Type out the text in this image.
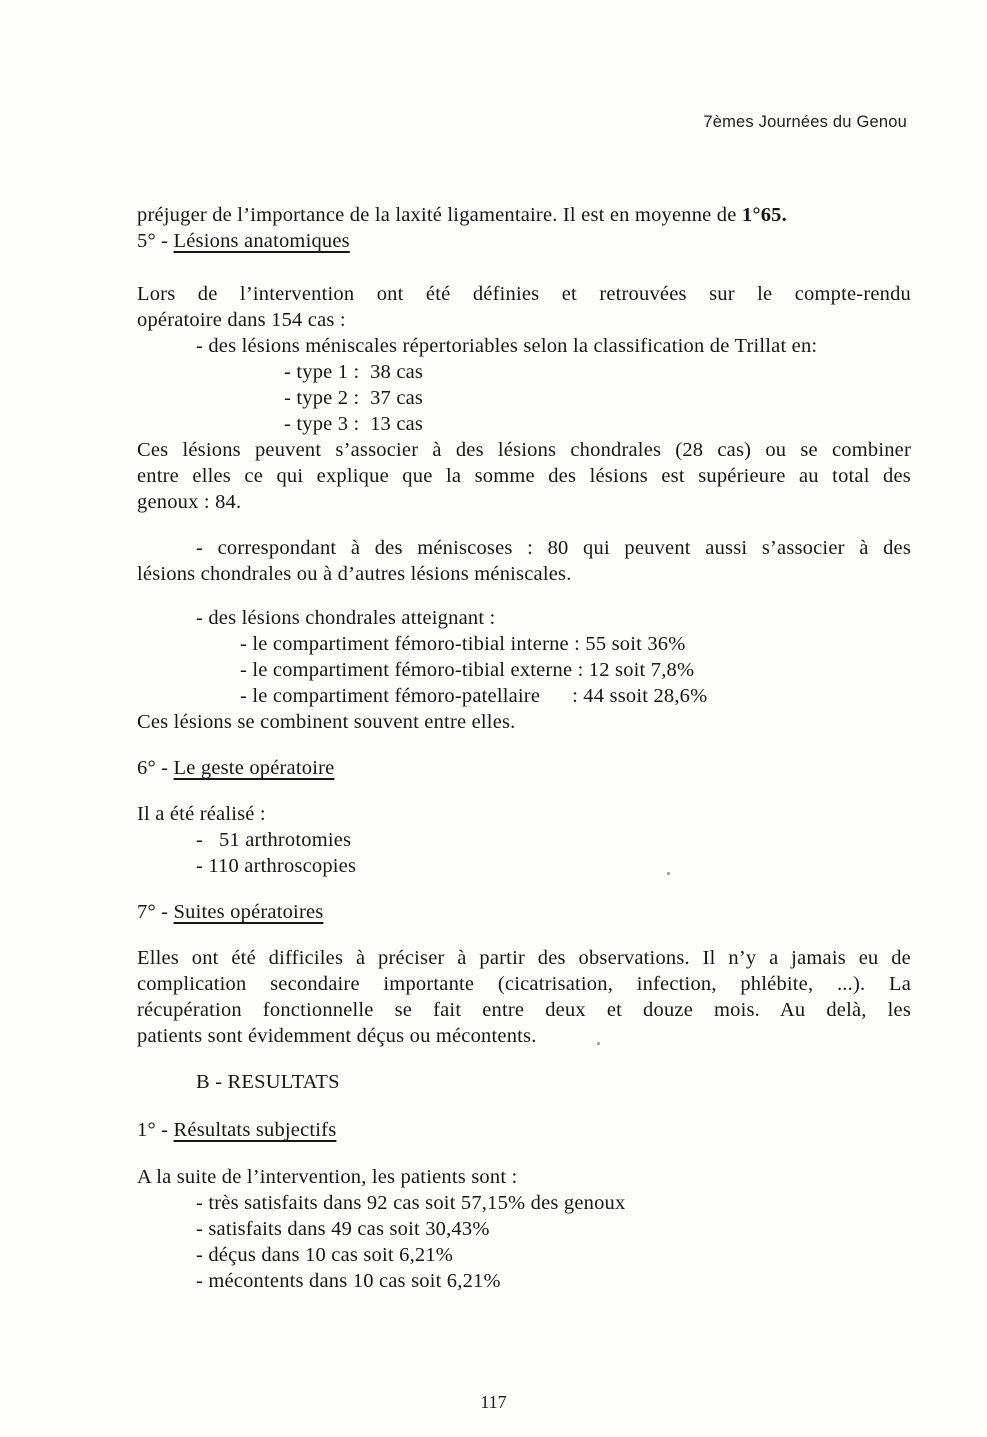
7èmes Journées du Genou
préjuger de l’importance de la laxité ligamentaire. Il est en moyenne de 1°65.
5° - Lésions anatomiques
Lors de l’intervention ont été définies et retrouvées sur le compte-rendu
opératoire dans 154 cas :
- des lésions méniscales répertoriables selon la classification de Trillat en:
- type 1 :  38 cas
- type 2 :  37 cas
- type 3 :  13 cas
Ces lésions peuvent s’associer à des lésions chondrales (28 cas) ou se combiner
entre elles ce qui explique que la somme des lésions est supérieure au total des
genoux : 84.
- correspondant à des méniscoses : 80 qui peuvent aussi s’associer à des
lésions chondrales ou à d’autres lésions méniscales.
- des lésions chondrales atteignant :
- le compartiment fémoro-tibial interne : 55 soit 36%
- le compartiment fémoro-tibial externe : 12 soit 7,8%
- le compartiment fémoro-patellaire      : 44 ssoit 28,6%
Ces lésions se combinent souvent entre elles.
6° - Le geste opératoire
Il a été réalisé :
-   51 arthrotomies
- 110 arthroscopies
7° - Suites opératoires
Elles ont été difficiles à préciser à partir des observations. Il n’y a jamais eu de
complication secondaire importante (cicatrisation, infection, phlébite, ...). La
récupération fonctionnelle se fait entre deux et douze mois. Au delà, les
patients sont évidemment déçus ou mécontents.
B - RESULTATS
1° - Résultats subjectifs
A la suite de l’intervention, les patients sont :
- très satisfaits dans 92 cas soit 57,15% des genoux
- satisfaits dans 49 cas soit 30,43%
- déçus dans 10 cas soit 6,21%
- mécontents dans 10 cas soit 6,21%
117
